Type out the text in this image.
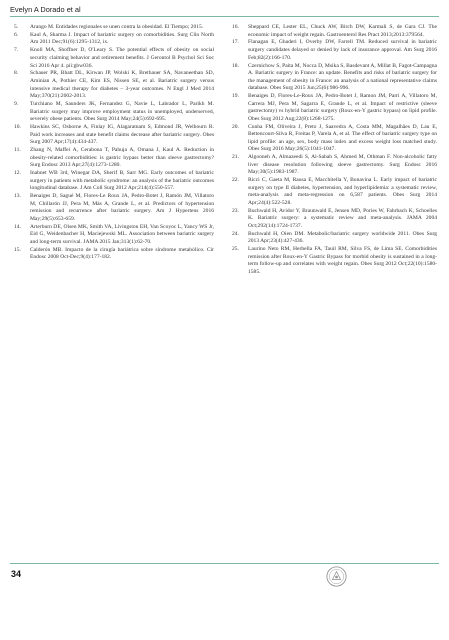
Evelyn A Dorado et al
5. Arango M. Entidades regionales se unen contra la obesidad. El Tiempo; 2015.
6. Kaul A, Sharma J. Impact of bariatric surgery on comorbidities. Surg Clin North Am 2011 Dec;91(6):1295-1312, ix.
7. Knoll MA, Shoffner D, O'Leary S. The potential effects of obesity on social security claiming behavior and retirement benefits. J Gerontol B Psychol Sci Soc Sci 2016 Apr 4. pii:gbw036.
8. Schauer PR, Bhatt DL, Kirwan JP, Wolski K, Brethauer SA, Navaneethan SD, Aminian A, Pothier CE, Kim ES, Nissen SE, et al. Bariatric surgery versus intensive medical therapy for diabetes – 3-year outcomes. N Engl J Med 2014 May;370(21):2002-2013.
9. Turchiano M, Saunders JK, Fernandez G, Navie L, Labrador L, Parikh M. Bariatric surgery may improve employment status in unemployed, underserved, severely obese patients. Obes Surg 2014 May;24(5):692-695.
10. Hawkins SC, Osborne A, Finlay IG, Alagaratnam S, Edmond JR, Welbourn R. Paid work increases and state benefit claims decrease after bariatric surgery. Obes Surg 2007 Apr;17(4):434-437.
11. Zhang N, Maffei A, Cerabona T, Pahuja A, Omana J, Kaul A. Reduction in obesity-related comorbidities: is gastric bypass better than sleeve gastrectomy? Surg Endosc 2013 Apr;27(4):1273-1280.
12. Inabnet WB 3rd, Winegar DA, Sherif B, Sarr MG. Early outcomes of bariatric surgery in patients with metabolic syndrome: an analysis of the bariatric outcomes longitudinal database. J Am Coll Surg 2012 Apr;214(4):550-557.
13. Benaiges D, Sagué M, Flores-Le Roux JA, Pedro-Botet J, Ramón JM, Villatoro M, Chillarón JJ, Pera M, Más A, Grande L, et al. Predictors of hypertension remission and recurrence after bariatric surgery. Am J Hypertens 2016 May;29(5):653-659.
14. Arterburn DE, Olsen MK, Smith VA, Livingston EH, Van Scoyoc L, Yancy WS Jr, Eid G, Weidenbacher H, Maciejewski ML. Association between bariatric surgery and long-term survival. JAMA 2015 Jan;313(1):62-70.
15. Calderón MB. Impacto de la cirugía bariátrica sobre síndrome metabólico. Cir Endosc 2008 Oct-Dec;9(4):177-182.
16. Sheppard CE, Lester EL, Chuck AW, Birch DW, Karmali S, de Gara CJ. The economic impact of weight regain. Gastroenterol Res Pract 2013;2013:379564.
17. Flanagan E, Ghaderi I, Overby DW, Farrell TM. Reduced survival in bariatric surgery candidates delayed or denied by lack of insurance approval. Am Surg 2016 Feb;82(2):166-170.
18. Czernichow S, Paita M, Nocca D, Msika S, Basdevant A, Millat B, Fagot-Campagna A. Bariatric surgery in France: an update. Benefits and risks of bariatric surgery for the management of obesity in France: an analysis of a national representative claims database. Obes Surg 2015 Jun;25(6):986-996.
19. Benaiges D, Flores-Le-Roux JA, Pedro-Botet J, Ramon JM, Parri A, Villatoro M, Carrera MJ, Pera M, Sagarra E, Grande L, et al. Impact of restrictive (sleeve gastrectomy) vs hybrid bariatric surgery (Roux-en-Y gastric bypass) on lipid profile. Obes Surg 2012 Aug;22(8):1268-1275.
20. Cunha FM, Oliveira J, Preto J, Saavedra A, Costa MM, Magalhães D, Lau E, Bettencourt-Silva R, Freitas P, Varela A, et al. The effect of bariatric surgery type on lipid profile: an age, sex, body mass index and excess weight loss matched study. Obes Surg 2016 May;26(5):1041-1047.
21. Algooneh A, Almazeedi S, Al-Sabah S, Ahmed M, Othman F. Non-alcoholic fatty liver disease resolution following sleeve gastrectomy. Surg Endosc 2016 May;30(5):1983-1987.
22. Ricci C, Gaeta M, Rausa E, Macchitella Y, Bonavina L. Early impact of bariatric surgery on type II diabetes, hypertension, and hyperlipidemia: a systematic review, meta-analysis and meta-regression on 6,587 patients. Obes Surg 2014 Apr;24(4):522-528.
23. Buchwald H, Avidor Y, Braunwald E, Jensen MD, Pories W, Fahrbach K, Schoelles K. Bariatric surgery: a systematic review and meta-analysis. JAMA 2004 Oct;292(14):1724-1737.
24. Buchwald H, Oien DM. Metabolic/bariatric surgery worldwide 2011. Obes Surg 2013 Apr;23(4):427-436.
25. Laurino Neto RM, Herbella FA, Tauil RM, Silva FS, de Lima SE. Comorbidities remission after Roux-en-Y Gastric Bypass for morbid obesity is sustained in a long-term follow-up and correlates with weight regain. Obes Surg 2012 Oct;22(10):1580-1585.
34
